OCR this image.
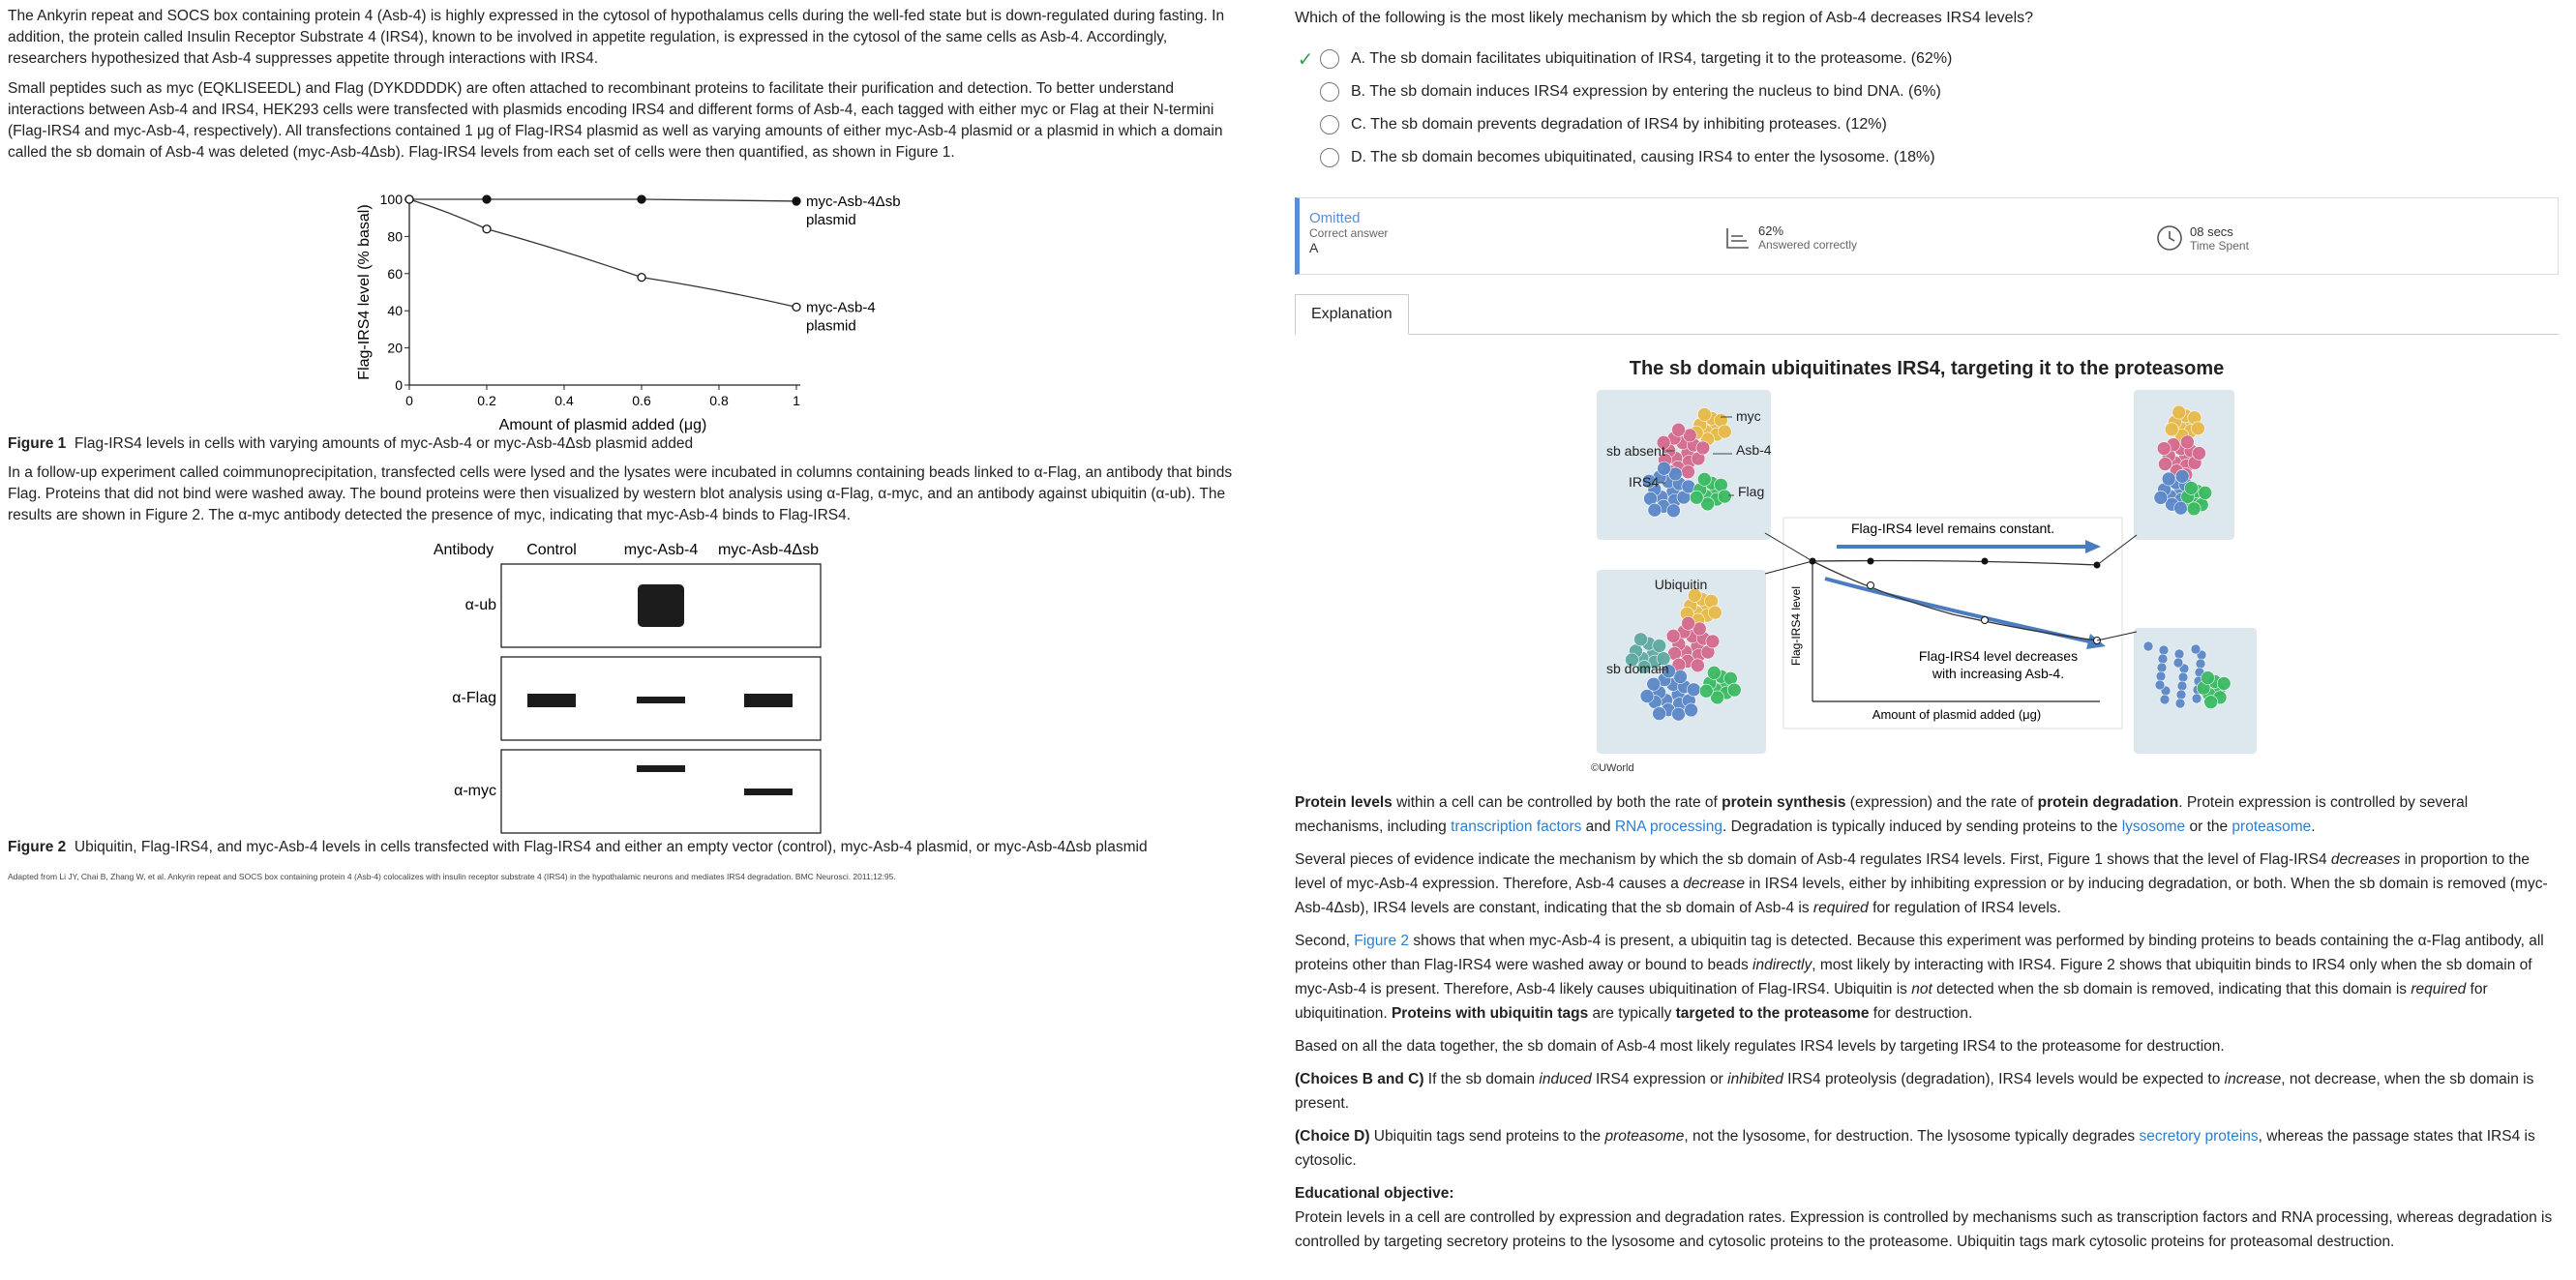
The Ankyrin repeat and SOCS box containing protein 4 (Asb-4) is highly expressed in the cytosol of hypothalamus cells during the well-fed state but is down-regulated during fasting. In addition, the protein called Insulin Receptor Substrate 4 (IRS4), known to be involved in appetite regulation, is expressed in the cytosol of the same cells as Asb-4. Accordingly, researchers hypothesized that Asb-4 suppresses appetite through interactions with IRS4.

Small peptides such as myc (EQKLISEEDL) and Flag (DYKDDDDK) are often attached to recombinant proteins to facilitate their purification and detection. To better understand interactions between Asb-4 and IRS4, HEK293 cells were transfected with plasmids encoding IRS4 and different forms of Asb-4, each tagged with either myc or Flag at their N-termini (Flag-IRS4 and myc-Asb-4, respectively). All transfections contained 1 μg of Flag-IRS4 plasmid as well as varying amounts of either myc-Asb-4 plasmid or a plasmid in which a domain called the sb domain of Asb-4 was deleted (myc-Asb-4Δsb). Flag-IRS4 levels from each set of cells were then quantified, as shown in Figure 1.

0
20
40
60
80
100
0	0.2	0.4	0.6	0.8	1
Amount of plasmid added (μg)
Flag-IRS4 level (% basal)
myc-Asb-4Δsb
plasmid
myc-Asb-4
plasmid

Figure 1 Flag-IRS4 levels in cells with varying amounts of myc-Asb-4 or myc-Asb-4Δsb plasmid added

In a follow-up experiment called coimmunoprecipitation, transfected cells were lysed and the lysates were incubated in columns containing beads linked to α-Flag, an antibody that binds Flag. Proteins that did not bind were washed away. The bound proteins were then visualized by western blot analysis using α-Flag, α-myc, and an antibody against ubiquitin (α-ub). The results are shown in Figure 2. The α-myc antibody detected the presence of myc, indicating that myc-Asb-4 binds to Flag-IRS4.

Antibody Control	myc-Asb-4 myc-Asb-4Δsb
α-ub
α-Flag
α-myc

Figure 2 Ubiquitin, Flag-IRS4, and myc-Asb-4 levels in cells transfected with Flag-IRS4 and either an empty vector (control), myc-Asb-4 plasmid, or myc-Asb-4Δsb plasmid

Adapted from Li JY, Chai B, Zhang W, et al. Ankyrin repeat and SOCS box containing protein 4 (Asb-4) colocalizes with insulin receptor substrate 4 (IRS4) in the hypothalamic neurons and mediates IRS4 degradation. BMC Neurosci. 2011;12:95.

Which of the following is the most likely mechanism by which the sb region of Asb-4 decreases IRS4 levels?

✓ A. The sb domain facilitates ubiquitination of IRS4, targeting it to the proteasome. (62%)
B. The sb domain induces IRS4 expression by entering the nucleus to bind DNA. (6%)
C. The sb domain prevents degradation of IRS4 by inhibiting proteases. (12%)
D. The sb domain becomes ubiquitinated, causing IRS4 to enter the lysosome. (18%)
Omitted
Correct answer
A
62%
Answered correctly
08 secs
Time Spent
Explanation
The sb domain ubiquitinates IRS4, targeting it to the proteasome
myc
Asb-4
Flag
sb absent
IRS4
Ubiquitin
sb domain
Flag-IRS4 level
Amount of plasmid added (μg)
Flag-IRS4 level remains constant.
Flag-IRS4 level decreases
with increasing Asb-4.
©UWorld

Protein levels within a cell can be controlled by both the rate of protein synthesis (expression) and the rate of protein degradation. Protein expression is controlled by several mechanisms, including transcription factors and RNA processing. Degradation is typically induced by sending proteins to the lysosome or the proteasome.

Several pieces of evidence indicate the mechanism by which the sb domain of Asb-4 regulates IRS4 levels. First, Figure 1 shows that the level of Flag-IRS4 decreases in proportion to the level of myc-Asb-4 expression. Therefore, Asb-4 causes a decrease in IRS4 levels, either by inhibiting expression or by inducing degradation, or both. When the sb domain is removed (myc-Asb-4Δsb), IRS4 levels are constant, indicating that the sb domain of Asb-4 is required for regulation of IRS4 levels.

Second, Figure 2 shows that when myc-Asb-4 is present, a ubiquitin tag is detected. Because this experiment was performed by binding proteins to beads containing the α-Flag antibody, all proteins other than Flag-IRS4 were washed away or bound to beads indirectly, most likely by interacting with IRS4. Figure 2 shows that ubiquitin binds to IRS4 only when the sb domain of myc-Asb-4 is present. Therefore, Asb-4 likely causes ubiquitination of Flag-IRS4. Ubiquitin is not detected when the sb domain is removed, indicating that this domain is required for ubiquitination. Proteins with ubiquitin tags are typically targeted to the proteasome for destruction.

Based on all the data together, the sb domain of Asb-4 most likely regulates IRS4 levels by targeting IRS4 to the proteasome for destruction.

(Choices B and C) If the sb domain induced IRS4 expression or inhibited IRS4 proteolysis (degradation), IRS4 levels would be expected to increase, not decrease, when the sb domain is present.

(Choice D) Ubiquitin tags send proteins to the proteasome, not the lysosome, for destruction. The lysosome typically degrades secretory proteins, whereas the passage states that IRS4 is cytosolic.

Educational objective:

Protein levels in a cell are controlled by expression and degradation rates. Expression is controlled by mechanisms such as transcription factors and RNA processing, whereas degradation is controlled by targeting secretory proteins to the lysosome and cytosolic proteins to the proteasome. Ubiquitin tags mark cytosolic proteins for proteasomal destruction.
